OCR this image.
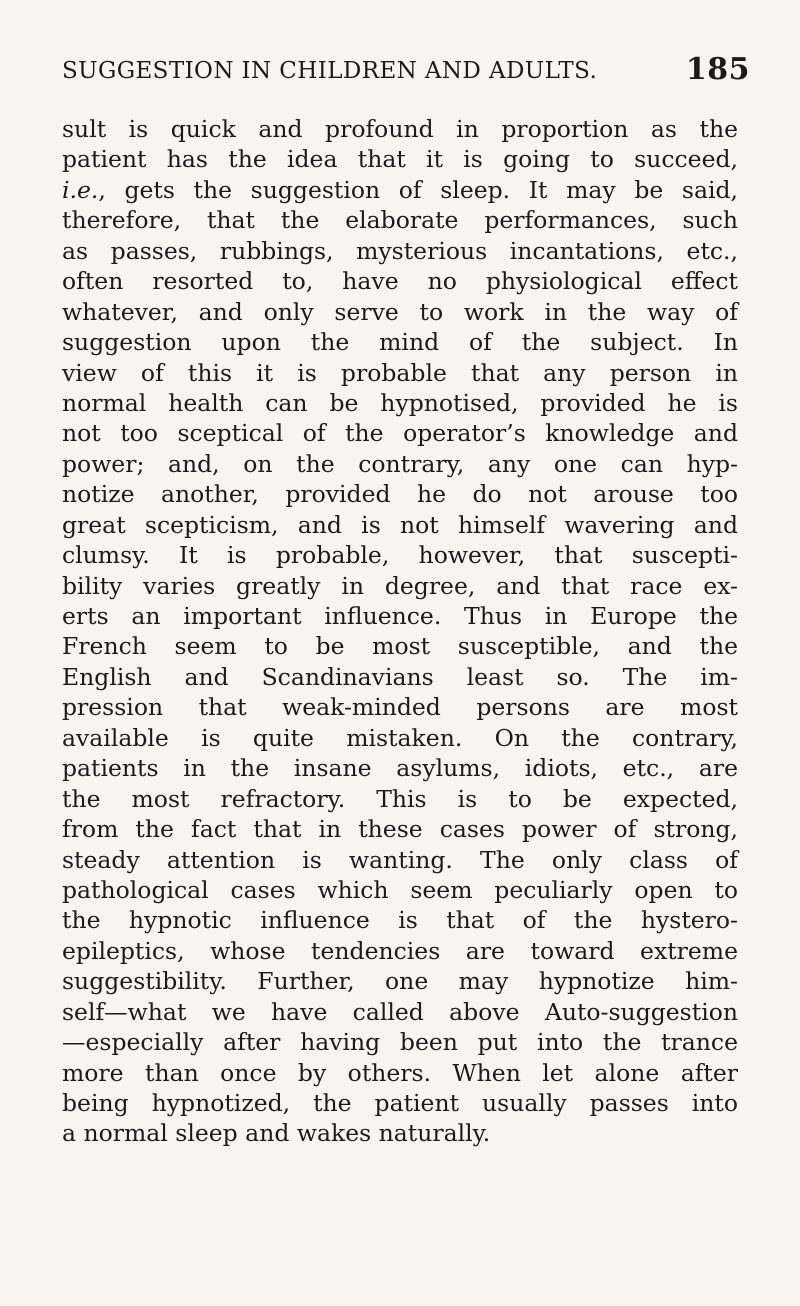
SUGGESTION IN CHILDREN AND ADULTS.	185
sult is quick and profound in proportion as the
patient has the idea that it is going to succeed,
i.e., gets the suggestion of sleep. It may be said,
therefore, that the elaborate performances, such
as passes, rubbings, mysterious incantations, etc.,
often resorted to, have no physiological effect
whatever, and only serve to work in the way of
suggestion upon the mind of the subject. In
view of this it is probable that any person in
normal health can be hypnotised, provided he is
not too sceptical of the operator’s knowledge and
power; and, on the contrary, any one can hyp-
notize another, provided he do not arouse too
great scepticism, and is not himself wavering and
clumsy. It is probable, however, that suscepti-
bility varies greatly in degree, and that race ex-
erts an important influence. Thus in Europe the
French seem to be most susceptible, and the
English and Scandinavians least so. The im-
pression that weak-minded persons are most
available is quite mistaken. On the contrary,
patients in the insane asylums, idiots, etc., are
the most refractory. This is to be expected,
from the fact that in these cases power of strong,
steady attention is wanting. The only class of
pathological cases which seem peculiarly open to
the hypnotic influence is that of the hystero-
epileptics, whose tendencies are toward extreme
suggestibility. Further, one may hypnotize him-
self—what we have called above Auto-suggestion
—especially after having been put into the trance
more than once by others. When let alone after
being hypnotized, the patient usually passes into
a normal sleep and wakes naturally.
